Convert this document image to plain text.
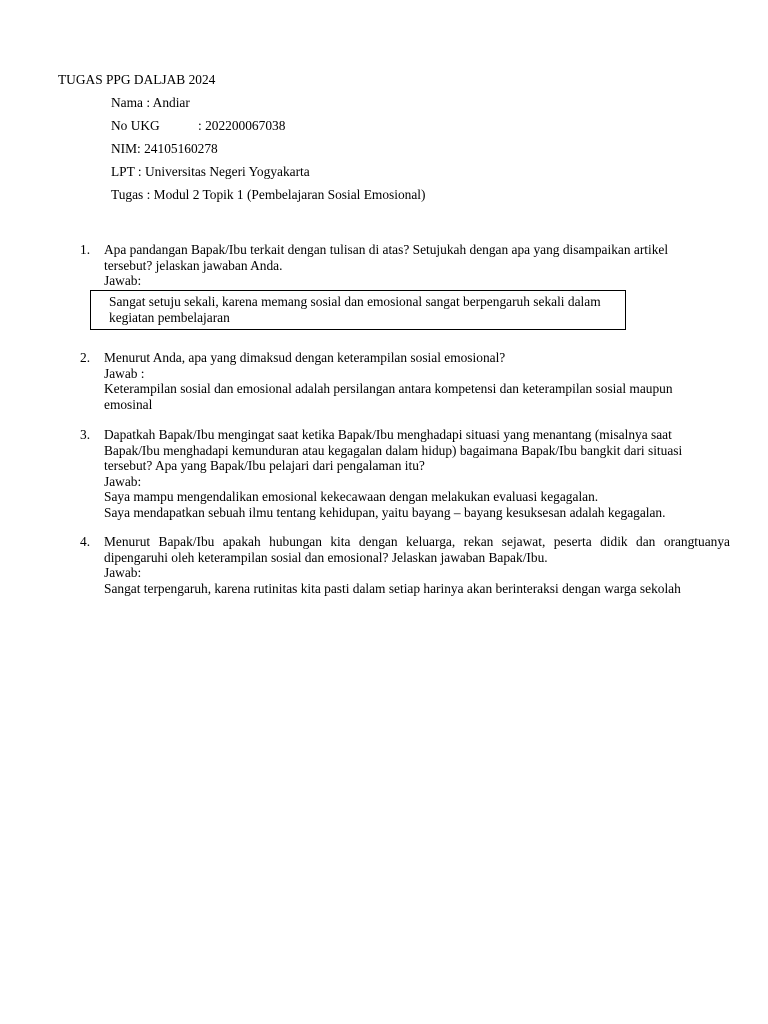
TUGAS PPG DALJAB 2024
Nama : Andiar
No UKG	: 202200067038
NIM: 24105160278
LPT : Universitas Negeri Yogyakarta
Tugas : Modul 2 Topik 1 (Pembelajaran Sosial Emosional)
1. Apa pandangan Bapak/Ibu terkait dengan tulisan di atas? Setujukah dengan apa yang disampaikan artikel
tersebut? jelaskan jawaban Anda.
Jawab:
Sangat setuju sekali, karena memang sosial dan emosional sangat berpengaruh sekali dalam kegiatan pembelajaran
2. Menurut Anda, apa yang dimaksud dengan keterampilan sosial emosional?
Jawab :
Keterampilan sosial dan emosional adalah persilangan antara kompetensi dan keterampilan sosial maupun
emosinal
3. Dapatkah Bapak/Ibu mengingat saat ketika Bapak/Ibu menghadapi situasi yang menantang (misalnya saat
Bapak/Ibu menghadapi kemunduran atau kegagalan dalam hidup) bagaimana Bapak/Ibu bangkit dari situasi
tersebut? Apa yang Bapak/Ibu pelajari dari pengalaman itu?
Jawab:
Saya mampu mengendalikan emosional kekecawaan dengan melakukan evaluasi kegagalan.
Saya mendapatkan sebuah ilmu tentang kehidupan, yaitu bayang – bayang kesuksesan adalah kegagalan.
4. Menurut Bapak/Ibu apakah hubungan kita dengan keluarga, rekan sejawat, peserta didik dan orangtuanya
dipengaruhi oleh keterampilan sosial dan emosional? Jelaskan jawaban Bapak/Ibu.
Jawab:
Sangat terpengaruh, karena rutinitas kita pasti dalam setiap harinya akan berinteraksi dengan warga sekolah
